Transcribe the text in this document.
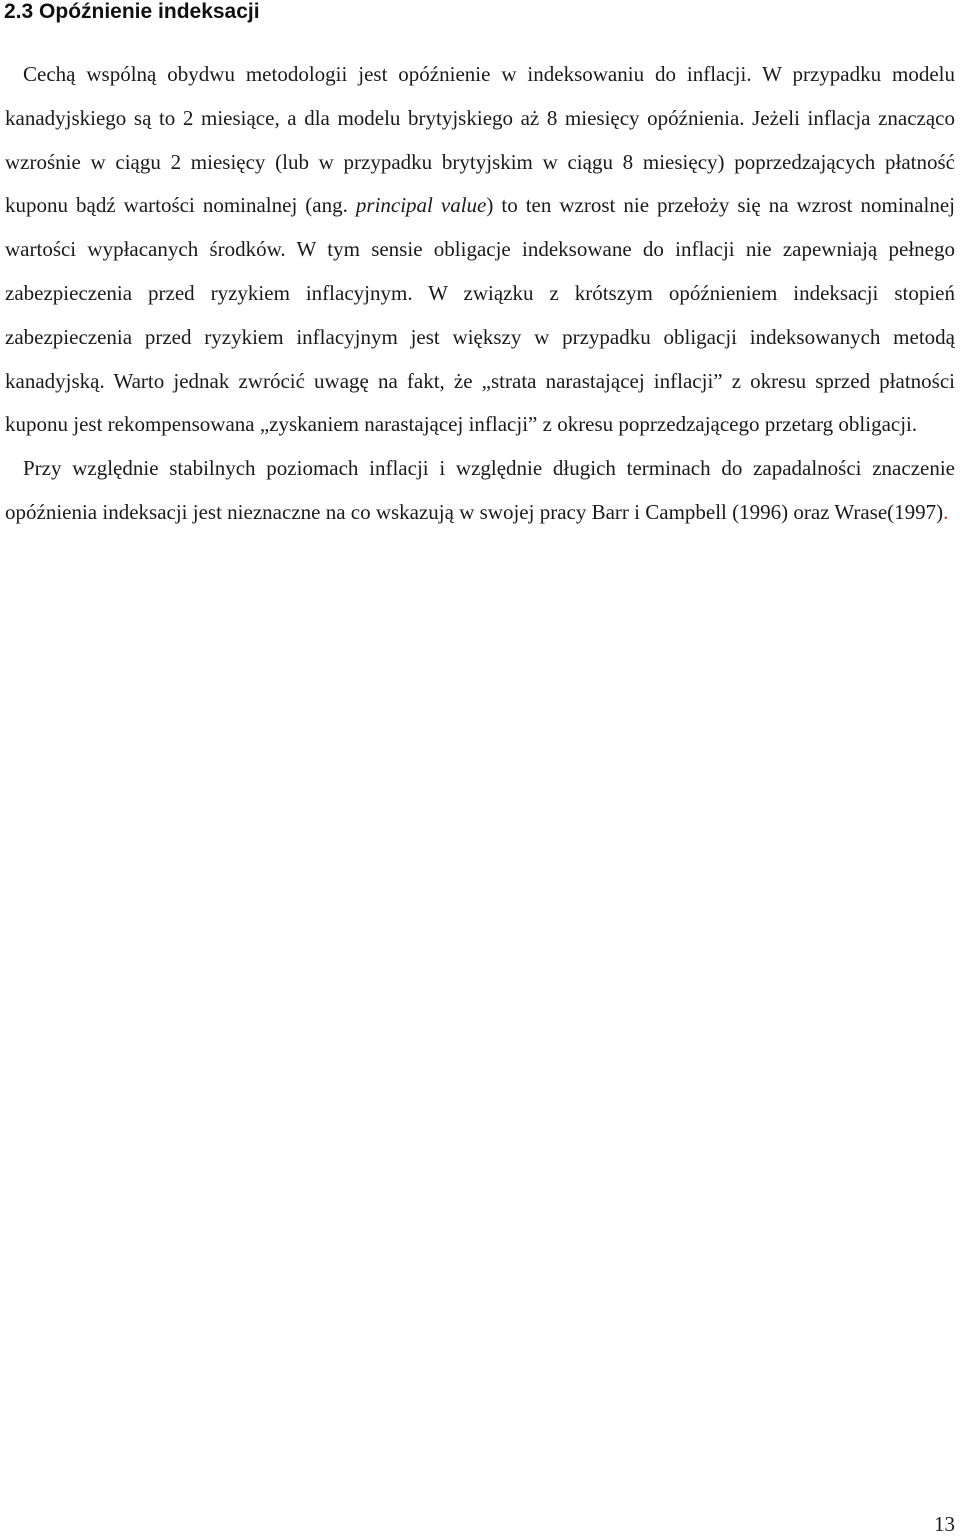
2.3 Opóźnienie indeksacji

Cechą wspólną obydwu metodologii jest opóźnienie w indeksowaniu do inflacji. W przypadku modelu kanadyjskiego są to 2 miesiące, a dla modelu brytyjskiego aż 8 miesięcy opóźnienia. Jeżeli inflacja znacząco wzrośnie w ciągu 2 miesięcy (lub w przypadku brytyjskim w ciągu 8 miesięcy) poprzedzających płatność kuponu bądź wartości nominalnej (ang. principal value) to ten wzrost nie przełoży się na wzrost nominalnej wartości wypłacanych środków. W tym sensie obligacje indeksowane do inflacji nie zapewniają pełnego zabezpieczenia przed ryzykiem inflacyjnym. W związku z krótszym opóźnieniem indeksacji stopień zabezpieczenia przed ryzykiem inflacyjnym jest większy w przypadku obligacji indeksowanych metodą kanadyjską. Warto jednak zwrócić uwagę na fakt, że „strata narastającej inflacji” z okresu sprzed płatności kuponu jest rekompensowana „zyskaniem narastającej inflacji” z okresu poprzedzającego przetarg obligacji.

Przy względnie stabilnych poziomach inflacji i względnie długich terminach do zapadalności znaczenie opóźnienia indeksacji jest nieznaczne na co wskazują w swojej pracy Barr i Campbell (1996) oraz Wrase(1997).

13
